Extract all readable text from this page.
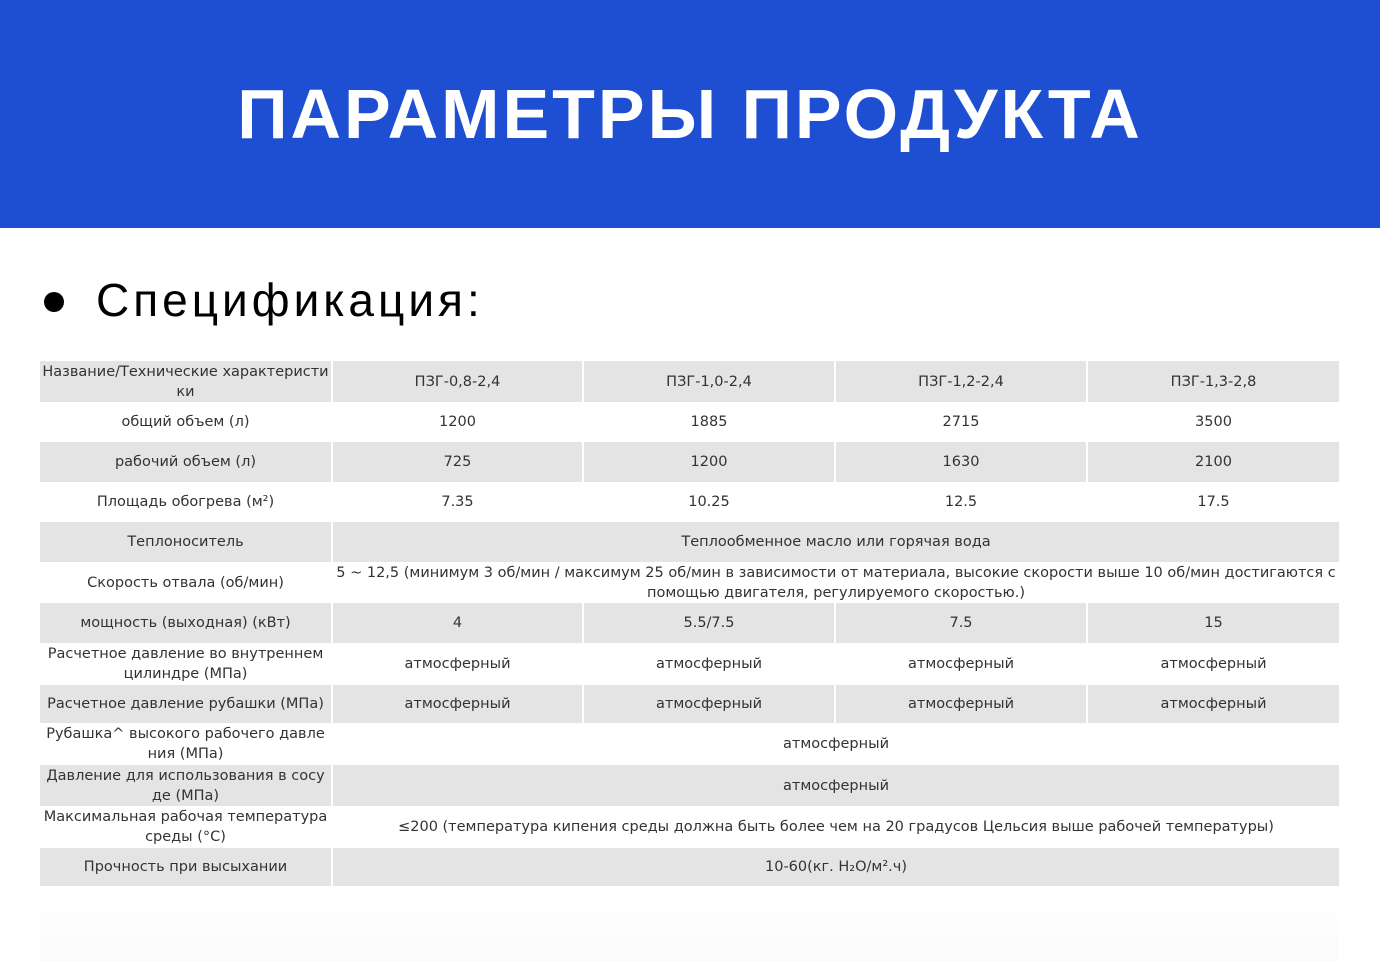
ПАРАМЕТРЫ ПРОДУКТА
Спецификация:
Название/Технические характеристики	ПЗГ-0,8-2,4	ПЗГ-1,0-2,4	ПЗГ-1,2-2,4	ПЗГ-1,3-2,8
общий объем (л)	1200	1885	2715	3500
рабочий объем (л)	725	1200	1630	2100
Площадь обогрева (м²)	7.35	10.25	12.5	17.5
Теплоноситель	Теплообменное масло или горячая вода			
Скорость отвала (об/мин)	5 ~ 12,5 (минимум 3 об/мин / максимум 25 об/мин в зависимости от материала, высокие скорости выше 10 об/мин достигаются с помощью двигателя, регулируемого скоростью.)			
мощность (выходная) (кВт)	4	5.5/7.5	7.5	15
Расчетное давление во внутреннем цилиндре (МПа)	атмосферный	атмосферный	атмосферный	атмосферный
Расчетное давление рубашки (МПа)	атмосферный	атмосферный	атмосферный	атмосферный
Рубашка^ высокого рабочего давления (МПа)	атмосферный			
Давление для использования в сосуде (МПа)	атмосферный			
Максимальная рабочая температура среды (°С)	≤200 (температура кипения среды должна быть более чем на 20 градусов Цельсия выше рабочей температуры)			
Прочность при высыхании	10-60(кг. H₂O/м².ч)			
